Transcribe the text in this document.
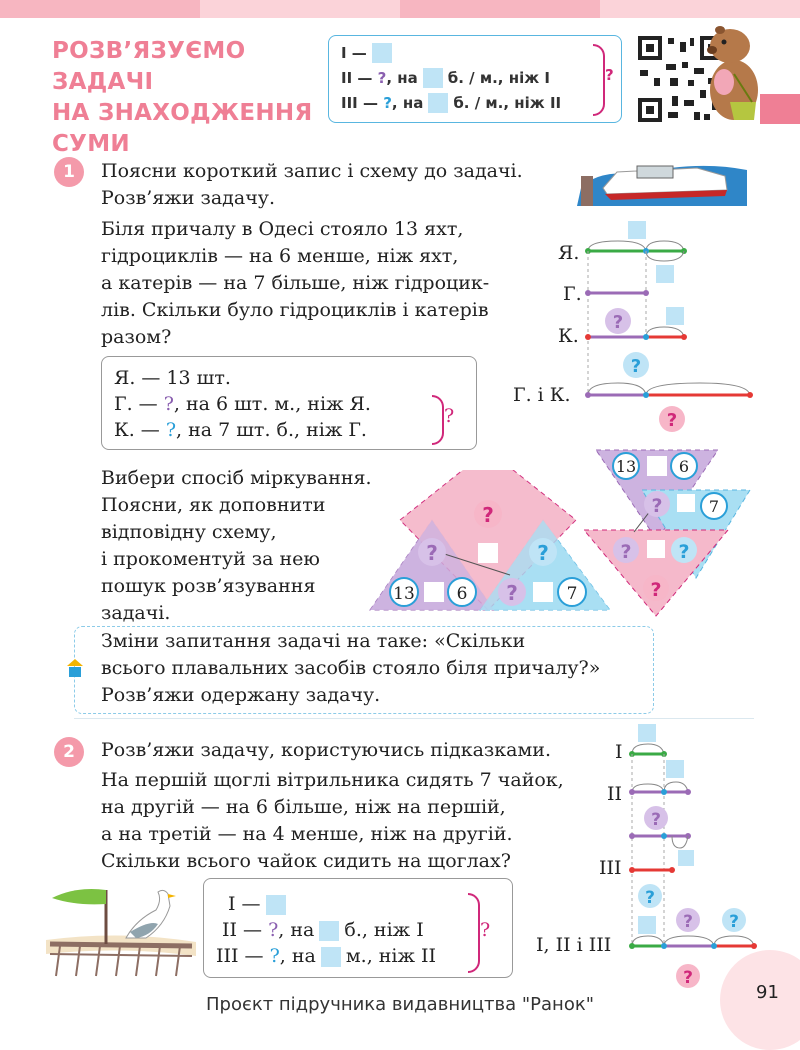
РОЗВ’ЯЗУЄМО ЗАДАЧІ
НА ЗНАХОДЖЕННЯ
СУМИ
I —
II —
? , на б. / м., ніж I
III —
? , на б. / м., ніж II
?
1	Поясни короткий запис і схему до задачі.
Розв’яжи задачу.
Біля причалу в Одесі стояло 13 яхт,
гідроциклів — на 6 менше, ніж яхт,
а катерів — на 7 більше, ніж гідроцик-
лів. Скільки було гідроциклів і катерів
разом?
Я. — 13 шт.
Г. — ?, на 6 шт. м., ніж Я.
К. — ?, на 7 шт. б., ніж Г.
?
Я.
Г.
К.
Г. і К.
?
?
?
Вибери спосіб міркування.
Поясни, як доповнити
відповідну схему,
і прокоментуй за нею
пошук розв’язування
задачі.
?
?	?
13 6 ?	7
13	6
?	7
? ?
?
Зміни запитання задачі на таке: «Скільки
всього плавальних засобів стояло біля причалу?»
Розв’яжи одержану задачу.
2	Розв’яжи задачу, користуючись підказками.
На першій щоглі вітрильника сидять 7 чайок,
на другій — на 6 більше, ніж на першій,
а на третій — на 4 менше, ніж на другій.
Скільки всього чайок сидить на щоглах?
I —
II — ?, на б., ніж I
III — ?, на м., ніж II
?
I
II
III
I, II і III
?
?
? ?
?
91
Проєкт підручника видавництва "Ранок"
